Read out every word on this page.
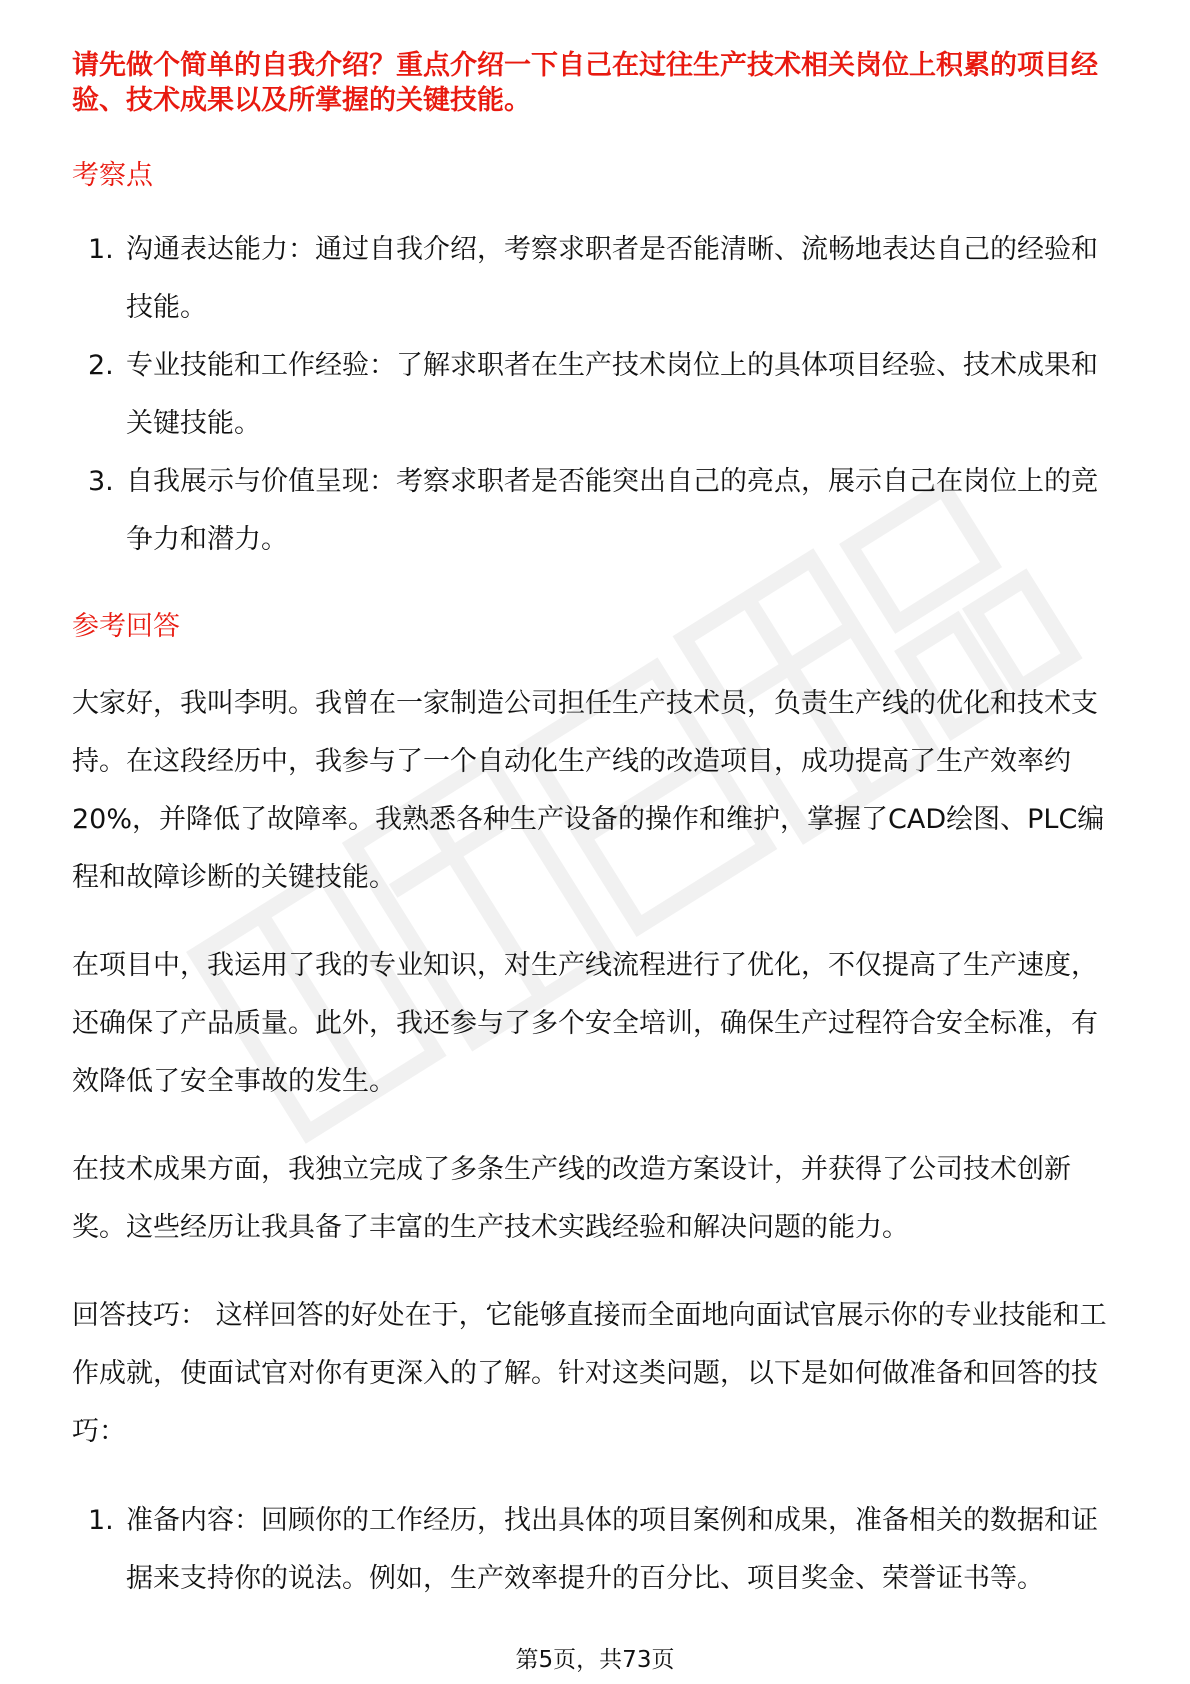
请先做个简单的自我介绍？重点介绍一下自己在过往生产技术相关岗位上积累的项目经验、技术成果以及所掌握的关键技能。

考察点

1. 沟通表达能力：通过自我介绍，考察求职者是否能清晰、流畅地表达自己的经验和技能。
2. 专业技能和工作经验：了解求职者在生产技术岗位上的具体项目经验、技术成果和关键技能。
3. 自我展示与价值呈现：考察求职者是否能突出自己的亮点，展示自己在岗位上的竞争力和潜力。

参考回答

大家好，我叫李明。我曾在一家制造公司担任生产技术员，负责生产线的优化和技术支持。在这段经历中，我参与了一个自动化生产线的改造项目，成功提高了生产效率约20%，并降低了故障率。我熟悉各种生产设备的操作和维护，掌握了CAD绘图、PLC编程和故障诊断的关键技能。

在项目中，我运用了我的专业知识，对生产线流程进行了优化，不仅提高了生产速度，还确保了产品质量。此外，我还参与了多个安全培训，确保生产过程符合安全标准，有效降低了安全事故的发生。

在技术成果方面，我独立完成了多条生产线的改造方案设计，并获得了公司技术创新奖。这些经历让我具备了丰富的生产技术实践经验和解决问题的能力。

回答技巧： 这样回答的好处在于，它能够直接而全面地向面试官展示你的专业技能和工作成就，使面试官对你有更深入的了解。针对这类问题，以下是如何做准备和回答的技巧：

1. 准备内容：回顾你的工作经历，找出具体的项目案例和成果，准备相关的数据和证据来支持你的说法。例如，生产效率提升的百分比、项目奖金、荣誉证书等。
第5页，共73页
